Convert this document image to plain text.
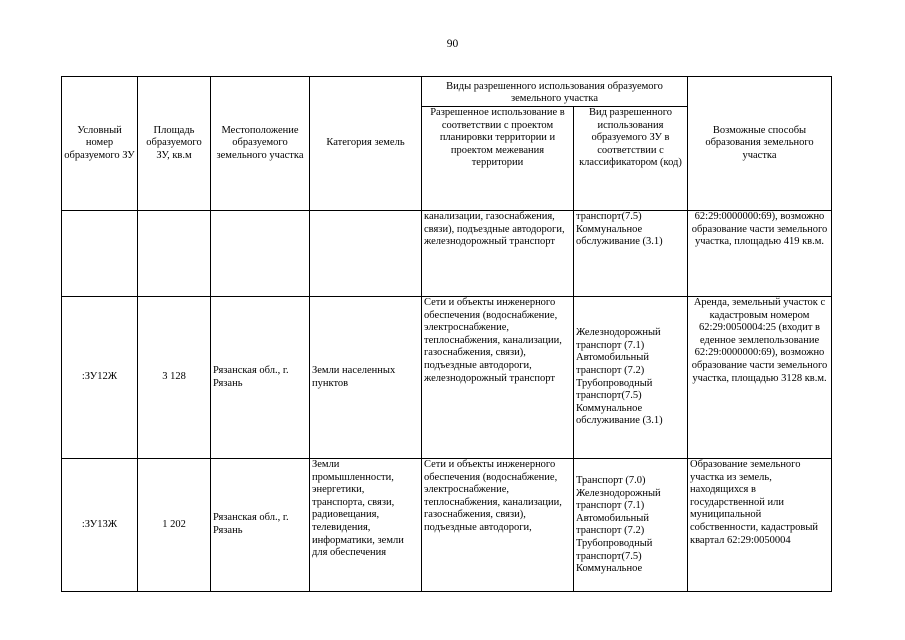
90
Условный номер образуемого ЗУ	Площадь образуемого ЗУ, кв.м	Местоположение образуемого земельного участка	Категория земель	Виды разрешенного использования образуемого земельного участка		Возможные способы образования земельного участка
				Разрешенное использование в соответствии с проектом планировки территории и проектом межевания территории	Вид разрешенного использования образуемого ЗУ в соответствии с классификатором (код)	
				канализации, газоснабжения, связи), подъездные автодороги, железнодорожный транспорт	транспорт(7.5) Коммунальное обслуживание (3.1)	62:29:0000000:69), возможно образование части земельного участка, площадью 419 кв.м.
:ЗУ12Ж	3 128	Рязанская обл., г. Рязань	Земли населенных пунктов	Сети и объекты инженерного обеспечения (водоснабжение, электроснабжение, теплоснабжения, канализации, газоснабжения, связи), подъездные автодороги, железнодорожный транспорт	Железнодорожный транспорт (7.1) Автомобильный транспорт (7.2) Трубопроводный транспорт(7.5) Коммунальное обслуживание (3.1)	Аренда, земельный участок с кадастровым номером 62:29:0050004:25 (входит в еденное землепользование 62:29:0000000:69), возможно образование части земельного участка, площадью 3128 кв.м.
:ЗУ13Ж	1 202	Рязанская обл., г. Рязань	Земли промышленности, энергетики, транспорта, связи, радиовещания, телевидения, информатики, земли для обеспечения	Сети и объекты инженерного обеспечения (водоснабжение, электроснабжение, теплоснабжения, канализации, газоснабжения, связи), подъездные автодороги,	Транспорт (7.0) Железнодорожный транспорт (7.1) Автомобильный транспорт (7.2) Трубопроводный транспорт(7.5) Коммунальное	Образование земельного участка из земель, находящихся в государственной или муниципальной собственности, кадастровый квартал 62:29:0050004
